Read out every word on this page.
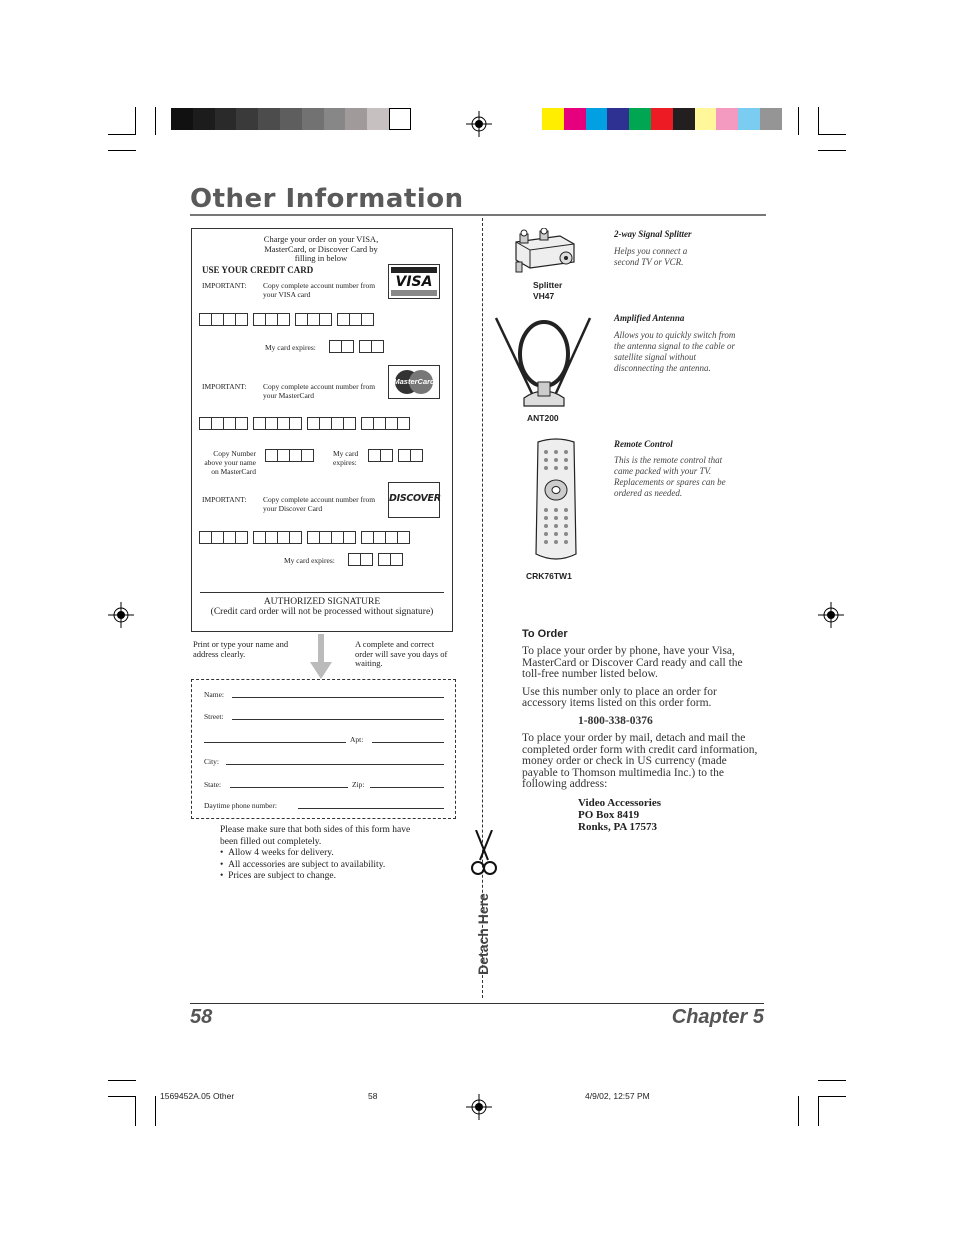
Other Information
Charge your order on your VISA, MasterCard, or Discover Card by filling in below
USE YOUR CREDIT CARD
IMPORTANT: Copy complete account number from your VISA card
VISA
My card expires:
IMPORTANT: Copy complete account number from your MasterCard
MasterCard
Copy Number above your name on MasterCard
My card expires:
IMPORTANT: Copy complete account number from your Discover Card
DISCOVER
My card expires:
AUTHORIZED SIGNATURE
(Credit card order will not be processed without signature)
Print or type your name and address clearly.
A complete and correct order will save you days of waiting.
Name:
Street:
Apt:
City:
State:	Zip:
Daytime phone number:
Please make sure that both sides of this form have been filled out completely.
•  Allow 4 weeks for delivery.
•  All accessories are subject to availability.
•  Prices are subject to change.
Detach Here
Splitter
VH47
2-way Signal Splitter
Helps you connect a second TV or VCR.
ANT200
Amplified Antenna
Allows you to quickly switch from the antenna signal to the cable or satellite signal without disconnecting the antenna.
CRK76TW1
Remote Control
This is the remote control that came packed with your TV. Replacements or spares can be ordered as needed.
To Order

To place your order by phone, have your Visa, MasterCard or Discover Card ready and call the toll-free number listed below.

Use this number only to place an order for accessory items listed on this order form.

1-800-338-0376

To place your order by mail, detach and mail the completed order form with credit card information, money order or check in US currency (made payable to Thomson multimedia Inc.) to the following address:

Video Accessories
PO Box 8419
Ronks, PA 17573
58	Chapter 5
1569452A.05 Other	58	4/9/02, 12:57 PM
